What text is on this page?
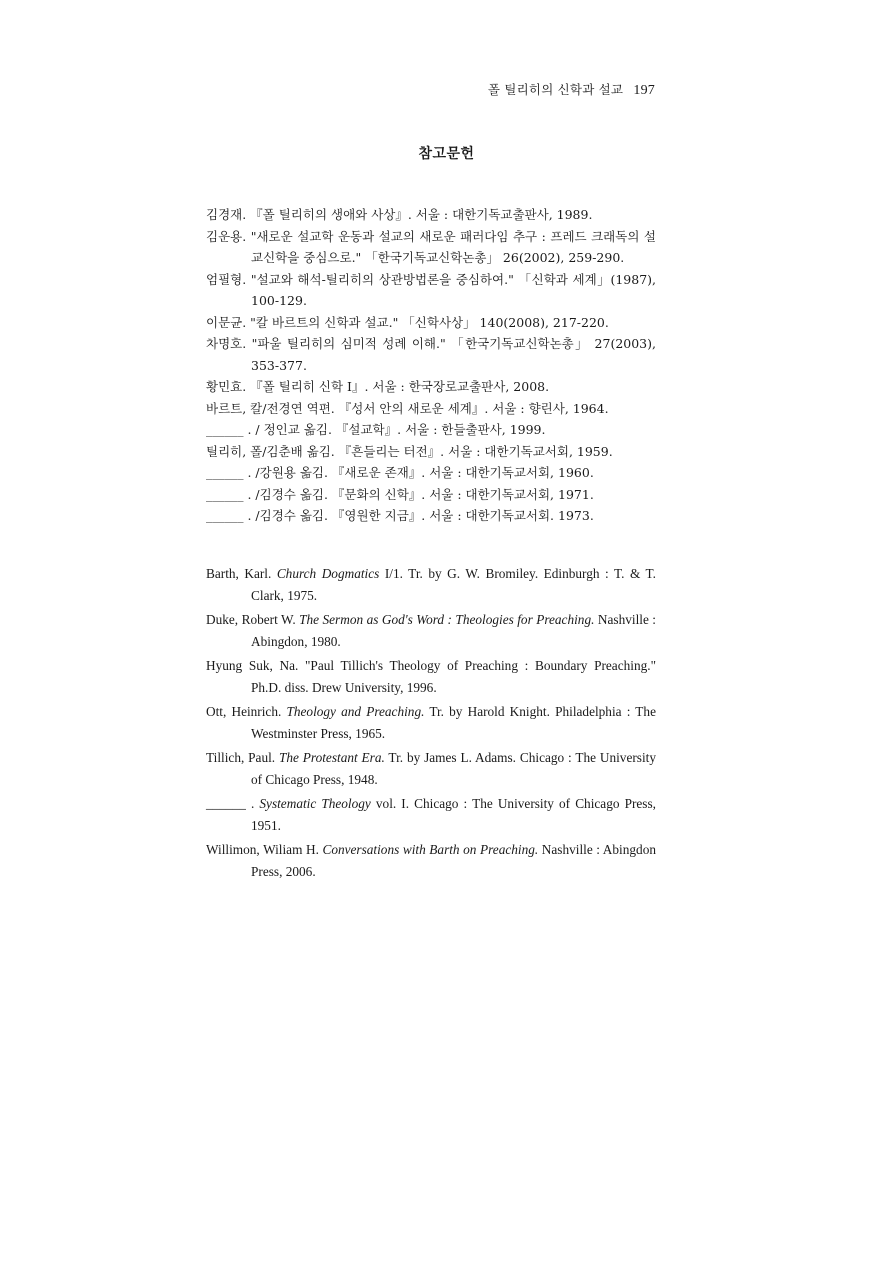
폴 틸리히의 신학과 설교 197
참고문헌

김경재. 『폴 틸리히의 생애와 사상』. 서울 : 대한기독교출판사, 1989.

김운용. "새로운 설교학 운동과 설교의 새로운 패러다임 추구 : 프레드 크래독의 설교신학을 중심으로." 「한국기독교신학논총」 26(2002), 259-290.

엄필형. "설교와 해석-틸리히의 상관방법론을 중심하여." 「신학과 세계」(1987), 100-129.

이문균. "칼 바르트의 신학과 설교." 「신학사상」 140(2008), 217-220.

차명호. "파울 틸리히의 심미적 성례 이해." 「한국기독교신학논총」 27(2003), 353-377.

황민효. 『폴 틸리히 신학 I』. 서울 : 한국장로교출판사, 2008.

바르트, 칼/전경연 역편. 『성서 안의 새로운 세계』. 서울 : 향린사, 1964.

______ . / 정인교 옮김. 『설교학』. 서울 : 한들출판사, 1999.

틸리히, 폴/김춘배 옮김. 『흔들리는 터전』. 서울 : 대한기독교서회, 1959.

______ . /강원용 옮김. 『새로운 존재』. 서울 : 대한기독교서회, 1960.

______ . /김경수 옮김. 『문화의 신학』. 서울 : 대한기독교서회, 1971.

______ . /김경수 옮김. 『영원한 지금』. 서울 : 대한기독교서회. 1973.

Barth, Karl. Church Dogmatics I/1. Tr. by G. W. Bromiley. Edinburgh : T. & T. Clark, 1975.

Duke, Robert W. The Sermon as God's Word : Theologies for Preaching. Nashville : Abingdon, 1980.

Hyung Suk, Na. "Paul Tillich's Theology of Preaching : Boundary Preaching." Ph.D. diss. Drew University, 1996.

Ott, Heinrich. Theology and Preaching. Tr. by Harold Knight. Philadelphia : The Westminster Press, 1965.

Tillich, Paul. The Protestant Era. Tr. by James L. Adams. Chicago : The University of Chicago Press, 1948.

______ . Systematic Theology vol. I. Chicago : The University of Chicago Press, 1951.

Willimon, Wiliam H. Conversations with Barth on Preaching. Nashville : Abingdon Press, 2006.
